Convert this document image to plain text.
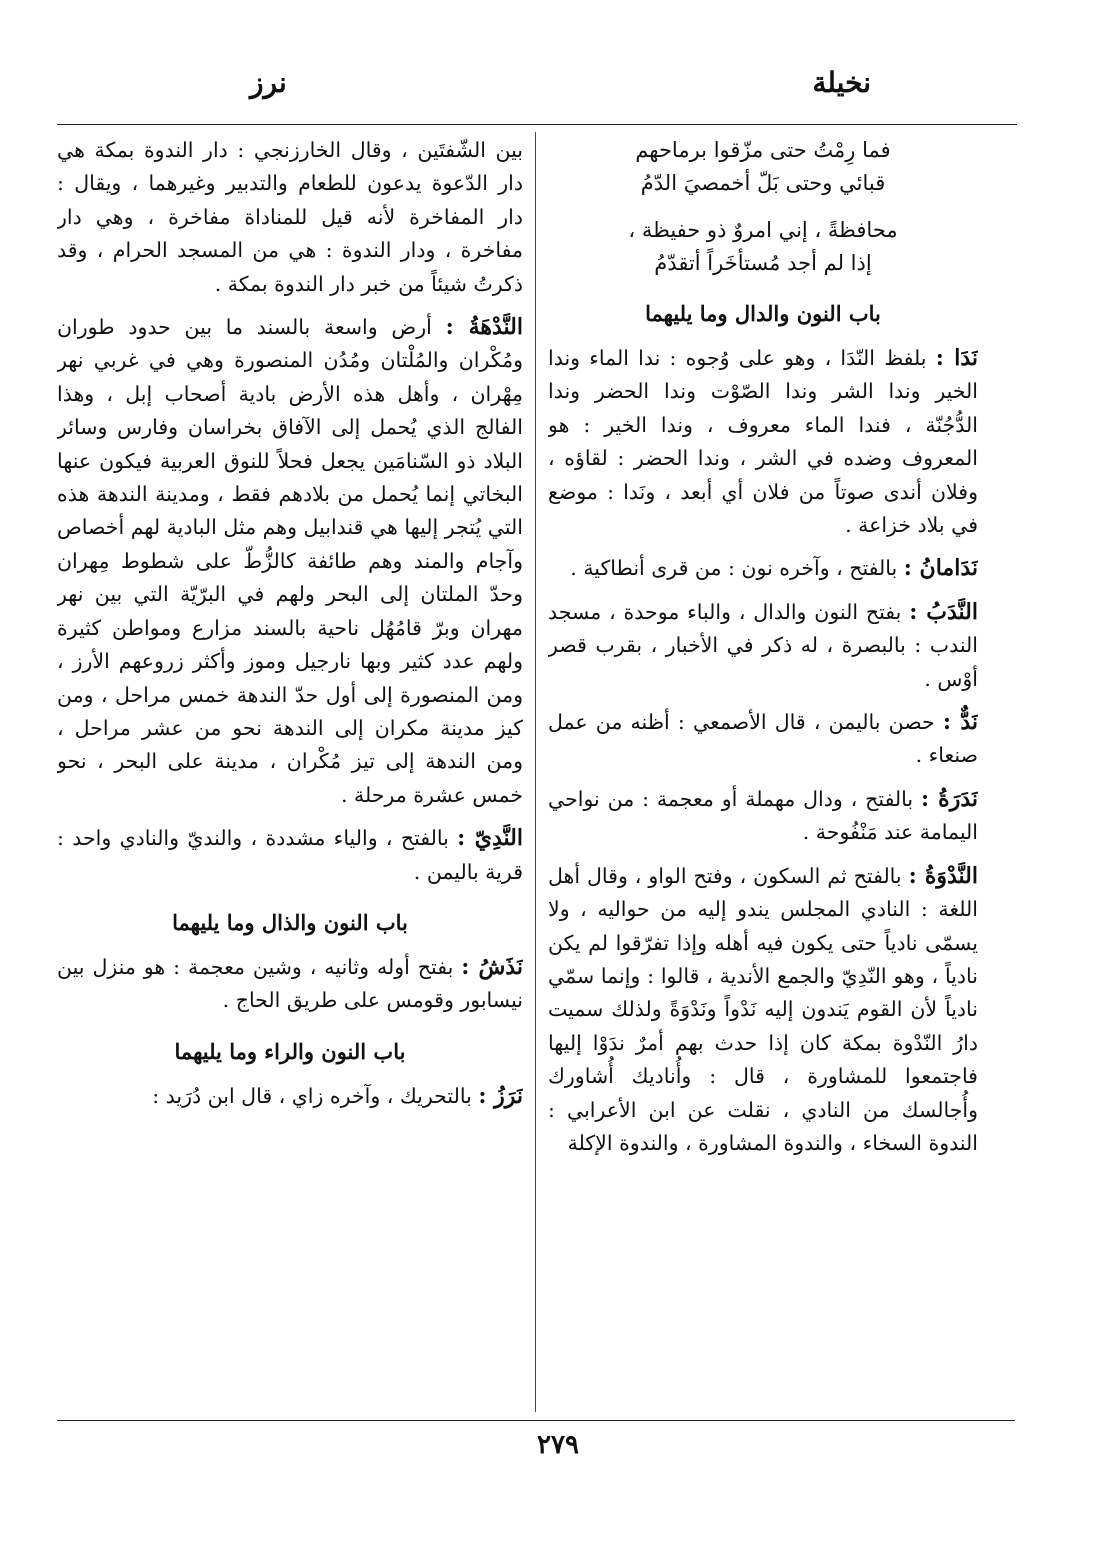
نخيلة
نرز

فما رِمْتُ حتى مزّقوا برماحهم

قبائي وحتى بَلّ أخمصيَ الدّمُ

محافظةً ، إني امروٌ ذو حفيظة ،

إذا لم أجد مُستأخَراً أتقدّمُ

باب النون والدال وما يليهما

نَدَا : بلفظ النّدَا ، وهو على وُجوه : ندا الماء وندا الخير وندا الشر وندا الصّوْت وندا الحضر وندا الدُّجُنّة ، فندا الماء معروف ، وندا الخير : هو المعروف وضده في الشر ، وندا الحضر : لقاؤه ، وفلان أندى صوتاً من فلان أي أبعد ، ونَدا : موضع في بلاد خزاعة .

نَدَامانُ : بالفتح ، وآخره نون : من قرى أنطاكية .

النَّدَبُ : بفتح النون والدال ، والباء موحدة ، مسجد الندب : بالبصرة ، له ذكر في الأخبار ، بقرب قصر أوْس .

نَدٌّ : حصن باليمن ، قال الأصمعي : أظنه من عمل صنعاء .

نَدَرَةُ : بالفتح ، ودال مهملة أو معجمة : من نواحي اليمامة عند مَنْفُوحة .

النَّدْوَةُ : بالفتح ثم السكون ، وفتح الواو ، وقال أهل اللغة : النادي المجلس يندو إليه من حواليه ، ولا يسمّى نادياً حتى يكون فيه أهله وإذا تفرّقوا لم يكن نادياً ، وهو النّدِيّ والجمع الأندية ، قالوا : وإنما سمّي نادياً لأن القوم يَندون إليه نَدْواً ونَدْوَةً ولذلك سميت دارُ النّدْوة بمكة كان إذا حدث بهم أمرٌ ندَوْا إليها فاجتمعوا للمشاورة ، قال : وأُناديك أُشاورك وأُجالسك من النادي ، نقلت عن ابن الأعرابي : الندوة السخاء ، والندوة المشاورة ، والندوة الإكلة

بين الشّفتَين ، وقال الخارزنجي : دار الندوة بمكة هي دار الدّعوة يدعون للطعام والتدبير وغيرهما ، ويقال : دار المفاخرة لأنه قيل للمناداة مفاخرة ، وهي دار مفاخرة ، ودار الندوة : هي من المسجد الحرام ، وقد ذكرتُ شيئاً من خبر دار الندوة بمكة .

النَّدْهَةُ : أرض واسعة بالسند ما بين حدود طوران ومُكْران والمُلْتان ومُدُن المنصورة وهي في غربي نهر مِهْران ، وأهل هذه الأرض بادية أصحاب إبل ، وهذا الفالج الذي يُحمل إلى الآفاق بخراسان وفارس وسائر البلاد ذو السّنامَين يجعل فحلاً للنوق العربية فيكون عنها البخاتي إنما يُحمل من بلادهم فقط ، ومدينة الندهة هذه التي يُتجر إليها هي قندابيل وهم مثل البادية لهم أخصاص وآجام والمند وهم طائفة كالزُّطّ على شطوط مِهران وحدّ الملتان إلى البحر ولهم في البرّيّة التي بين نهر مهران وبرّ قامُهُل ناحية بالسند مزارع ومواطن كثيرة ولهم عدد كثير وبها نارجيل وموز وأكثر زروعهم الأرز ، ومن المنصورة إلى أول حدّ الندهة خمس مراحل ، ومن كيز مدينة مكران إلى الندهة نحو من عشر مراحل ، ومن الندهة إلى تيز مُكْران ، مدينة على البحر ، نحو خمس عشرة مرحلة .

النَّدِيّ : بالفتح ، والياء مشددة ، والنديّ والنادي واحد : قرية باليمن .

باب النون والذال وما يليهما

نَذَشُ : بفتح أوله وثانيه ، وشين معجمة : هو منزل بين نيسابور وقومس على طريق الحاج .

باب النون والراء وما يليهما

نَرَزُ : بالتحريك ، وآخره زاي ، قال ابن دُرَيد :

٢٧٩
